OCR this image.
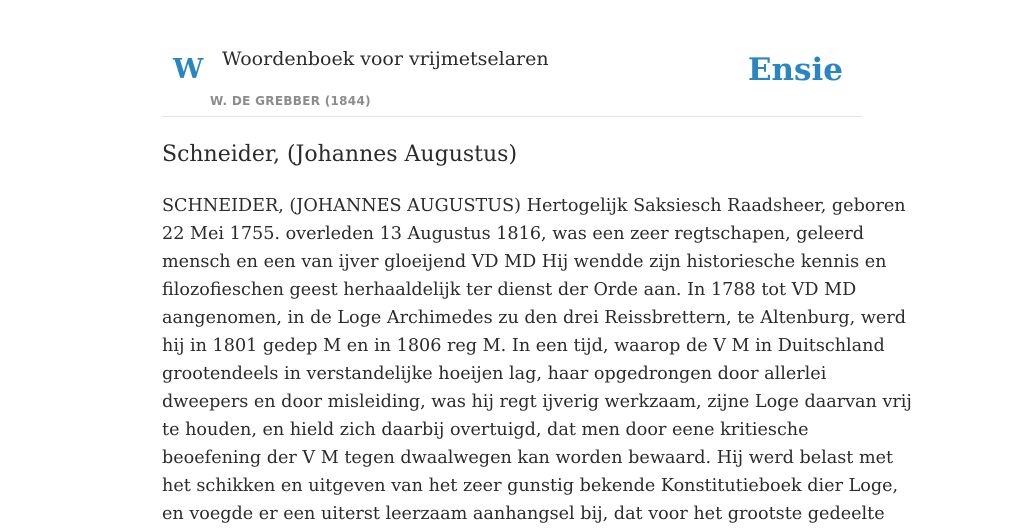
W Woordenboek voor vrijmetselaren
W. DE GREBBER (1844)
Ensie
Schneider, (Johannes Augustus)
SCHNEIDER, (JOHANNES AUGUSTUS) Hertogelijk Saksiesch Raadsheer, geboren
22 Mei 1755. overleden 13 Augustus 1816, was een zeer regtschapen, geleerd
mensch en een van ijver gloeijend VD MD Hij wendde zijn historiesche kennis en
filozofieschen geest herhaaldelijk ter dienst der Orde aan. In 1788 tot VD MD
aangenomen, in de Loge Archimedes zu den drei Reissbrettern, te Altenburg, werd
hij in 1801 gedep M en in 1806 reg M. In een tijd, waarop de V M in Duitschland
grootendeels in verstandelijke hoeijen lag, haar opgedrongen door allerlei
dweepers en door misleiding, was hij regt ijverig werkzaam, zijne Loge daarvan vrij
te houden, en hield zich daarbij overtuigd, dat men door eene kritiesche
beoefening der V M tegen dwaalwegen kan worden bewaard. Hij werd belast met
het schikken en uitgeven van het zeer gunstig bekende Konstitutieboek dier Loge,
en voegde er een uiterst leerzaam aanhangsel bij, dat voor het grootste gedeelte
